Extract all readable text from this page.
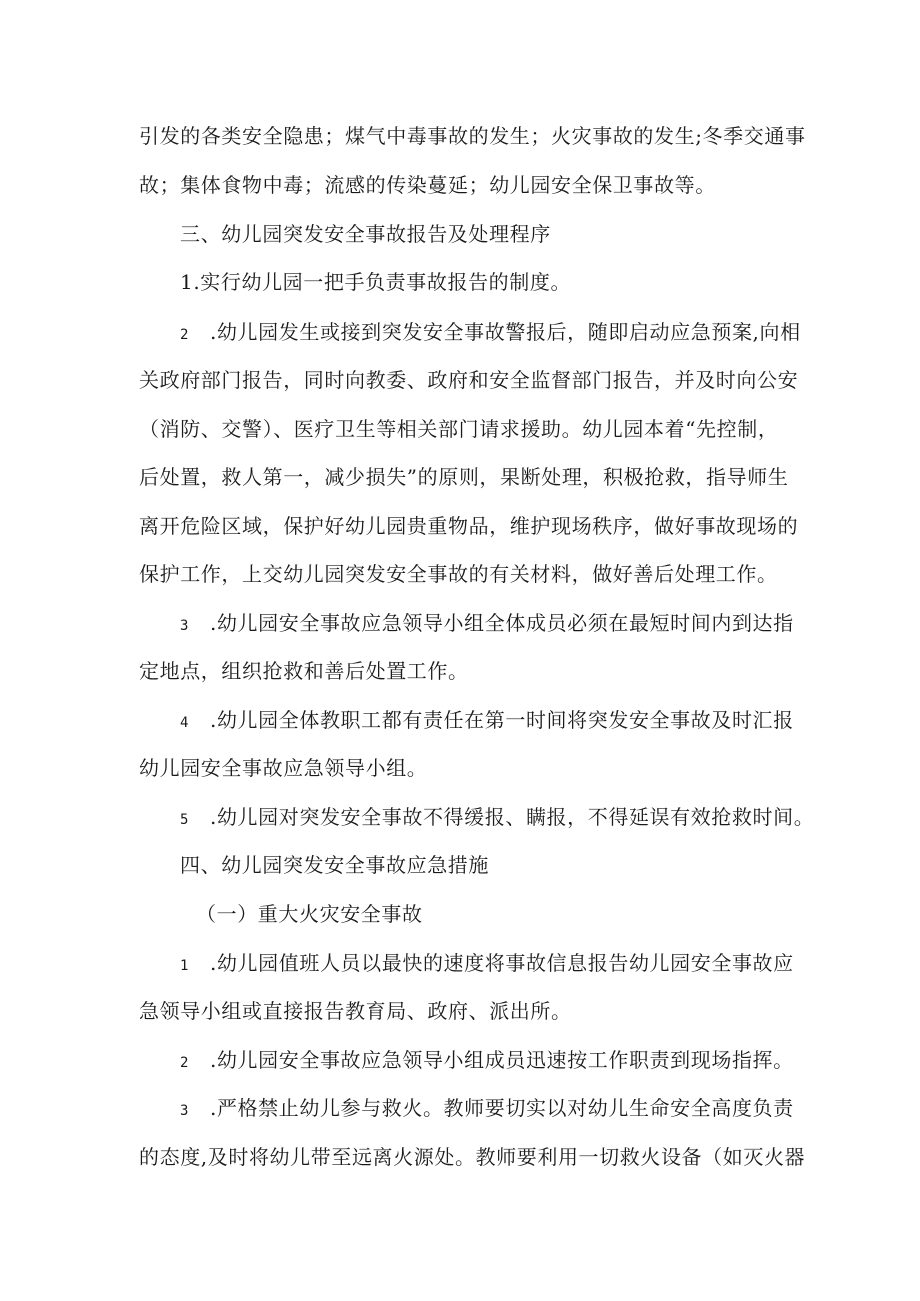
引发的各类安全隐患；煤气中毒事故的发生；火灾事故的发生;冬季交通事
故；集体食物中毒；流感的传染蔓延；幼儿园安全保卫事故等。
三、幼儿园突发安全事故报告及处理程序
1.实行幼儿园一把手负责事故报告的制度。
2 .幼儿园发生或接到突发安全事故警报后，随即启动应急预案,向相
关政府部门报告，同时向教委、政府和安全监督部门报告，并及时向公安
（消防、交警）、医疗卫生等相关部门请求援助。幼儿园本着“先控制，
后处置，救人第一，减少损失”的原则，果断处理，积极抢救，指导师生
离开危险区域，保护好幼儿园贵重物品，维护现场秩序，做好事故现场的
保护工作，上交幼儿园突发安全事故的有关材料，做好善后处理工作。
3 .幼儿园安全事故应急领导小组全体成员必须在最短时间内到达指
定地点，组织抢救和善后处置工作。
4 .幼儿园全体教职工都有责任在第一时间将突发安全事故及时汇报
幼儿园安全事故应急领导小组。
5 .幼儿园对突发安全事故不得缓报、瞒报，不得延误有效抢救时间。
四、幼儿园突发安全事故应急措施
（一）重大火灾安全事故
1 .幼儿园值班人员以最快的速度将事故信息报告幼儿园安全事故应
急领导小组或直接报告教育局、政府、派出所。
2 .幼儿园安全事故应急领导小组成员迅速按工作职责到现场指挥。
3 .严格禁止幼儿参与救火。教师要切实以对幼儿生命安全高度负责
的态度,及时将幼儿带至远离火源处。教师要利用一切救火设备（如灭火器
